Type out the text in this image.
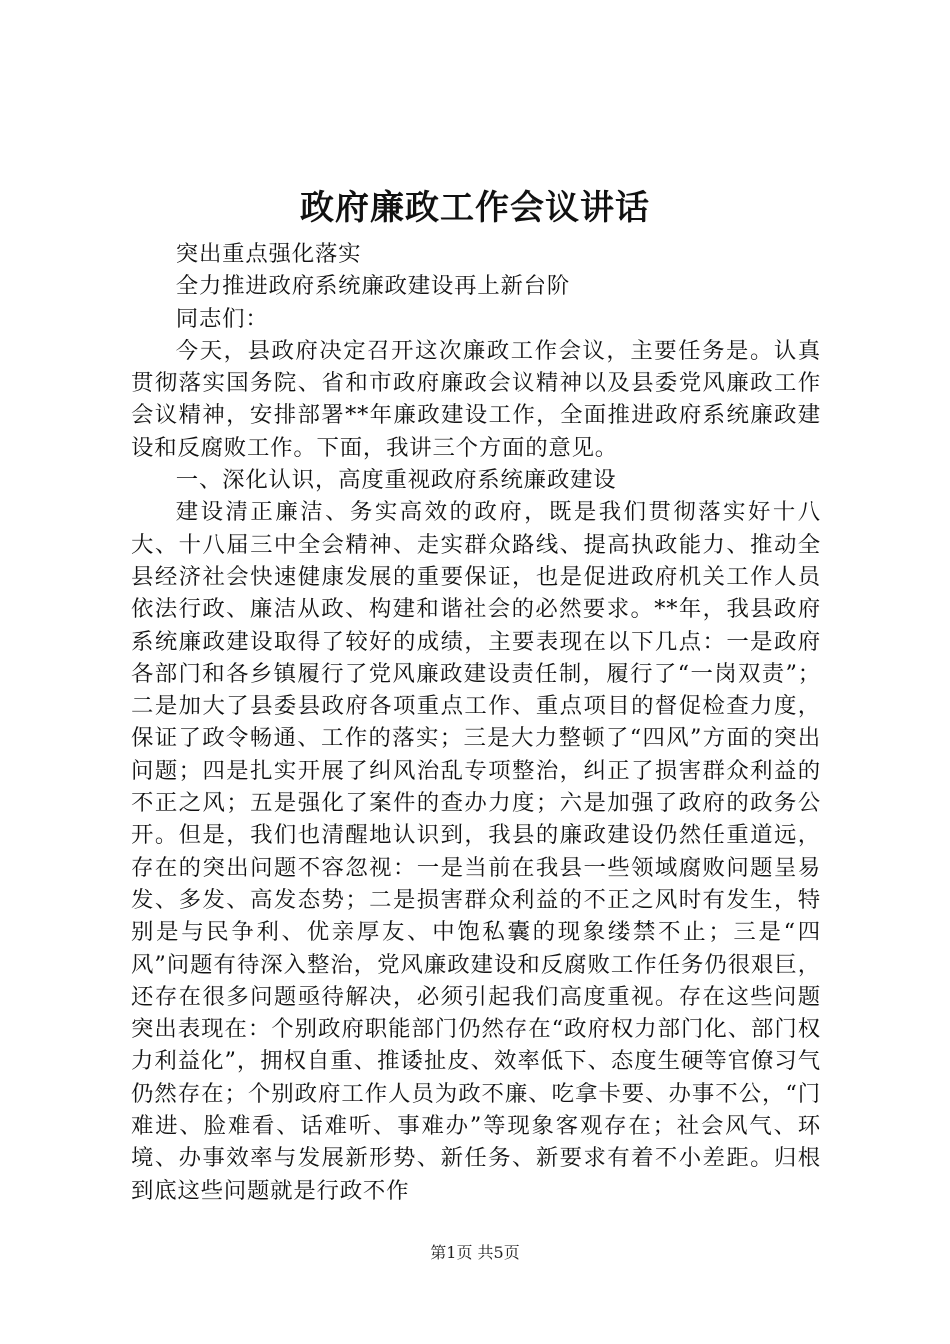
政府廉政工作会议讲话

突出重点强化落实

全力推进政府系统廉政建设再上新台阶

同志们：

今天，县政府决定召开这次廉政工作会议，主要任务是。认真贯彻落实国务院、省和市政府廉政会议精神以及县委党风廉政工作会议精神，安排部署**年廉政建设工作，全面推进政府系统廉政建设和反腐败工作。下面，我讲三个方面的意见。

一、深化认识，高度重视政府系统廉政建设

建设清正廉洁、务实高效的政府，既是我们贯彻落实好十八大、十八届三中全会精神、走实群众路线、提高执政能力、推动全县经济社会快速健康发展的重要保证，也是促进政府机关工作人员依法行政、廉洁从政、构建和谐社会的必然要求。**年，我县政府系统廉政建设取得了较好的成绩，主要表现在以下几点：一是政府各部门和各乡镇履行了党风廉政建设责任制，履行了“一岗双责”；二是加大了县委县政府各项重点工作、重点项目的督促检查力度，保证了政令畅通、工作的落实；三是大力整顿了“四风”方面的突出问题；四是扎实开展了纠风治乱专项整治，纠正了损害群众利益的不正之风；五是强化了案件的查办力度；六是加强了政府的政务公开。但是，我们也清醒地认识到，我县的廉政建设仍然任重道远，存在的突出问题不容忽视：一是当前在我县一些领域腐败问题呈易发、多发、高发态势；二是损害群众利益的不正之风时有发生，特别是与民争利、优亲厚友、中饱私囊的现象缕禁不止；三是“四风”问题有待深入整治，党风廉政建设和反腐败工作任务仍很艰巨，还存在很多问题亟待解决，必须引起我们高度重视。存在这些问题突出表现在：个别政府职能部门仍然存在“政府权力部门化、部门权力利益化”，拥权自重、推诿扯皮、效率低下、态度生硬等官僚习气仍然存在；个别政府工作人员为政不廉、吃拿卡要、办事不公，“门难进、脸难看、话难听、事难办”等现象客观存在；社会风气、环境、办事效率与发展新形势、新任务、新要求有着不小差距。归根到底这些问题就是行政不作

第1页 共5页
